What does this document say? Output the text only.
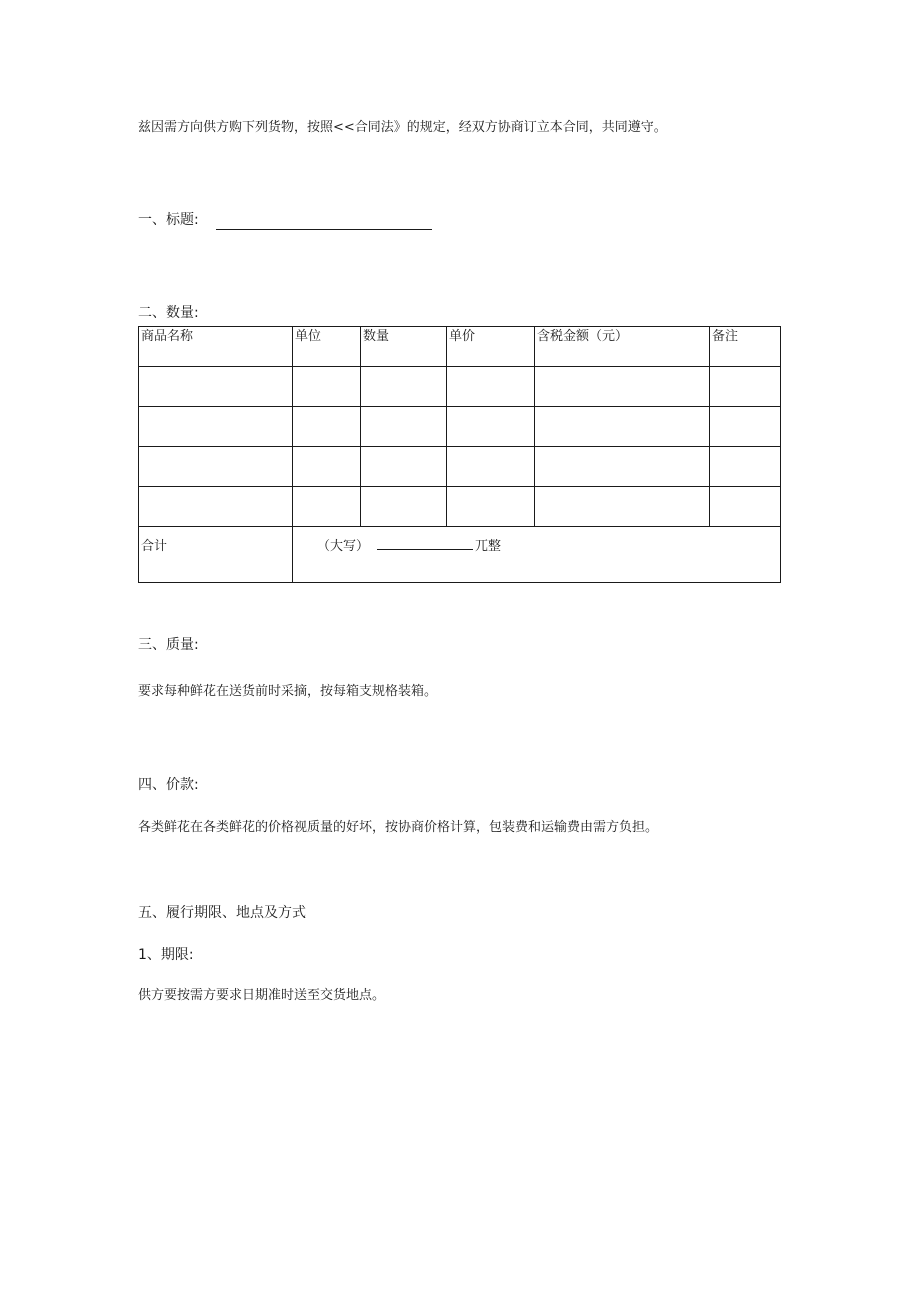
兹因需方向供方购下列货物，按照<<合同法》的规定，经双方协商订立本合同，共同遵守。
一、标题:
二、数量:
商品名称	单位	数量	单价	含税金额（元）	备注

合计	（大写） 兀整				
三、质量:
要求每种鲜花在送货前时采摘，按每箱支规格装箱。
四、价款:
各类鲜花在各类鲜花的价格视质量的好坏，按协商价格计算，包装费和运输费由需方负担。
五、履行期限、地点及方式
1、期限:
供方要按需方要求日期准时送至交货地点。
